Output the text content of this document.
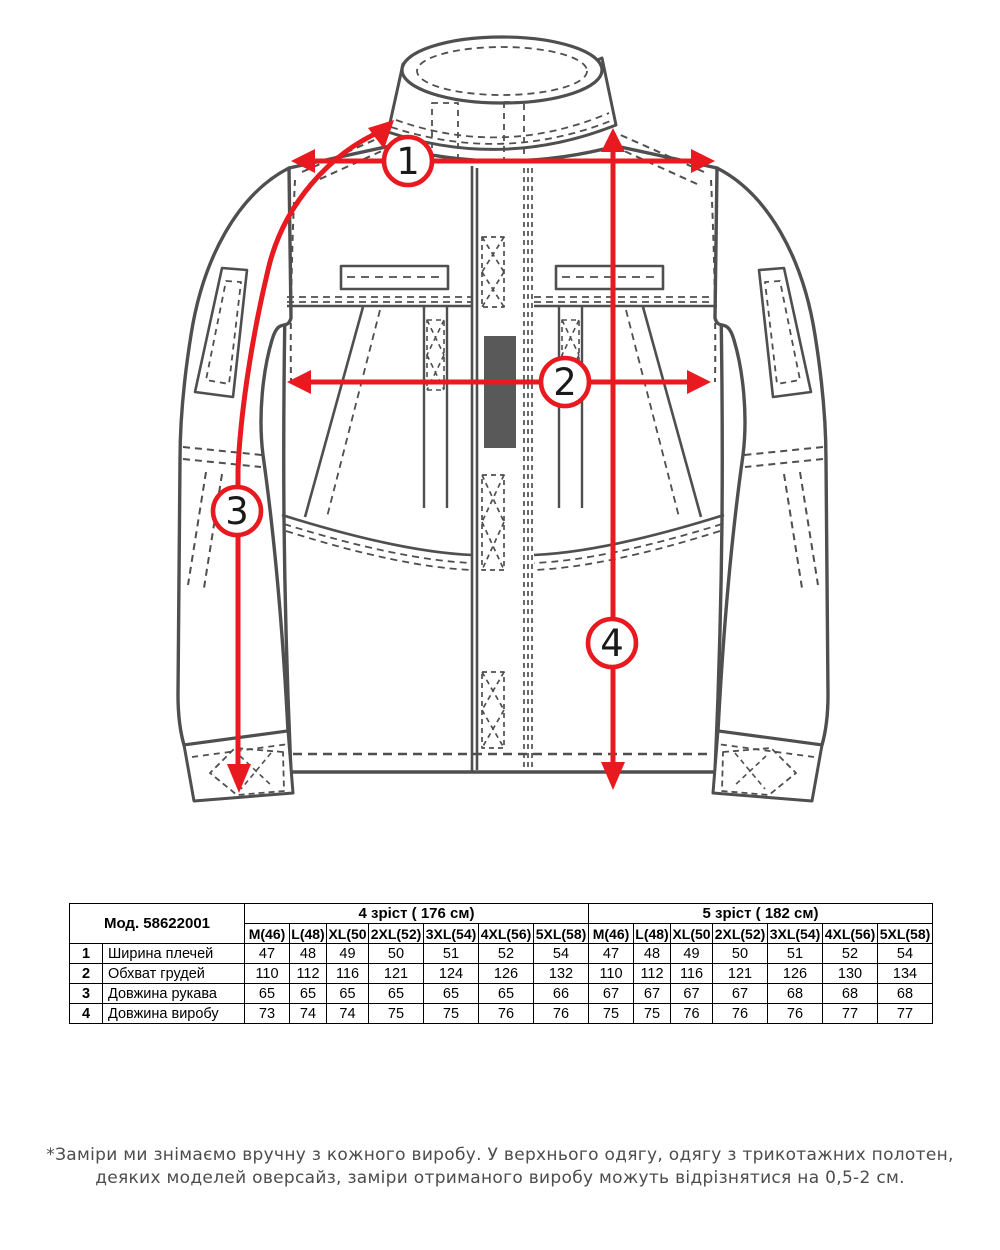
1
2
3
4
Мод. 58622001		4 зріст ( 176 см)							5 зріст ( 182 см)						
		M(46)	L(48)	XL(50	2XL(52)	3XL(54)	4XL(56)	5XL(58)	M(46)	L(48)	XL(50	2XL(52)	3XL(54)	4XL(56)	5XL(58)
1	Ширина плечей	47	48	49	50	51	52	54	47	48	49	50	51	52	54
2	Обхват грудей	110	112	116	121	124	126	132	110	112	116	121	126	130	134
3	Довжина рукава	65	65	65	65	65	65	66	67	67	67	67	68	68	68
4	Довжина виробу	73	74	74	75	75	76	76	75	75	76	76	76	77	77
*Заміри ми знімаємо вручну з кожного виробу. У верхнього одягу, одягу з трикотажних полотен,
деяких моделей оверсайз, заміри отриманого виробу можуть відрізнятися на 0,5-2 см.
